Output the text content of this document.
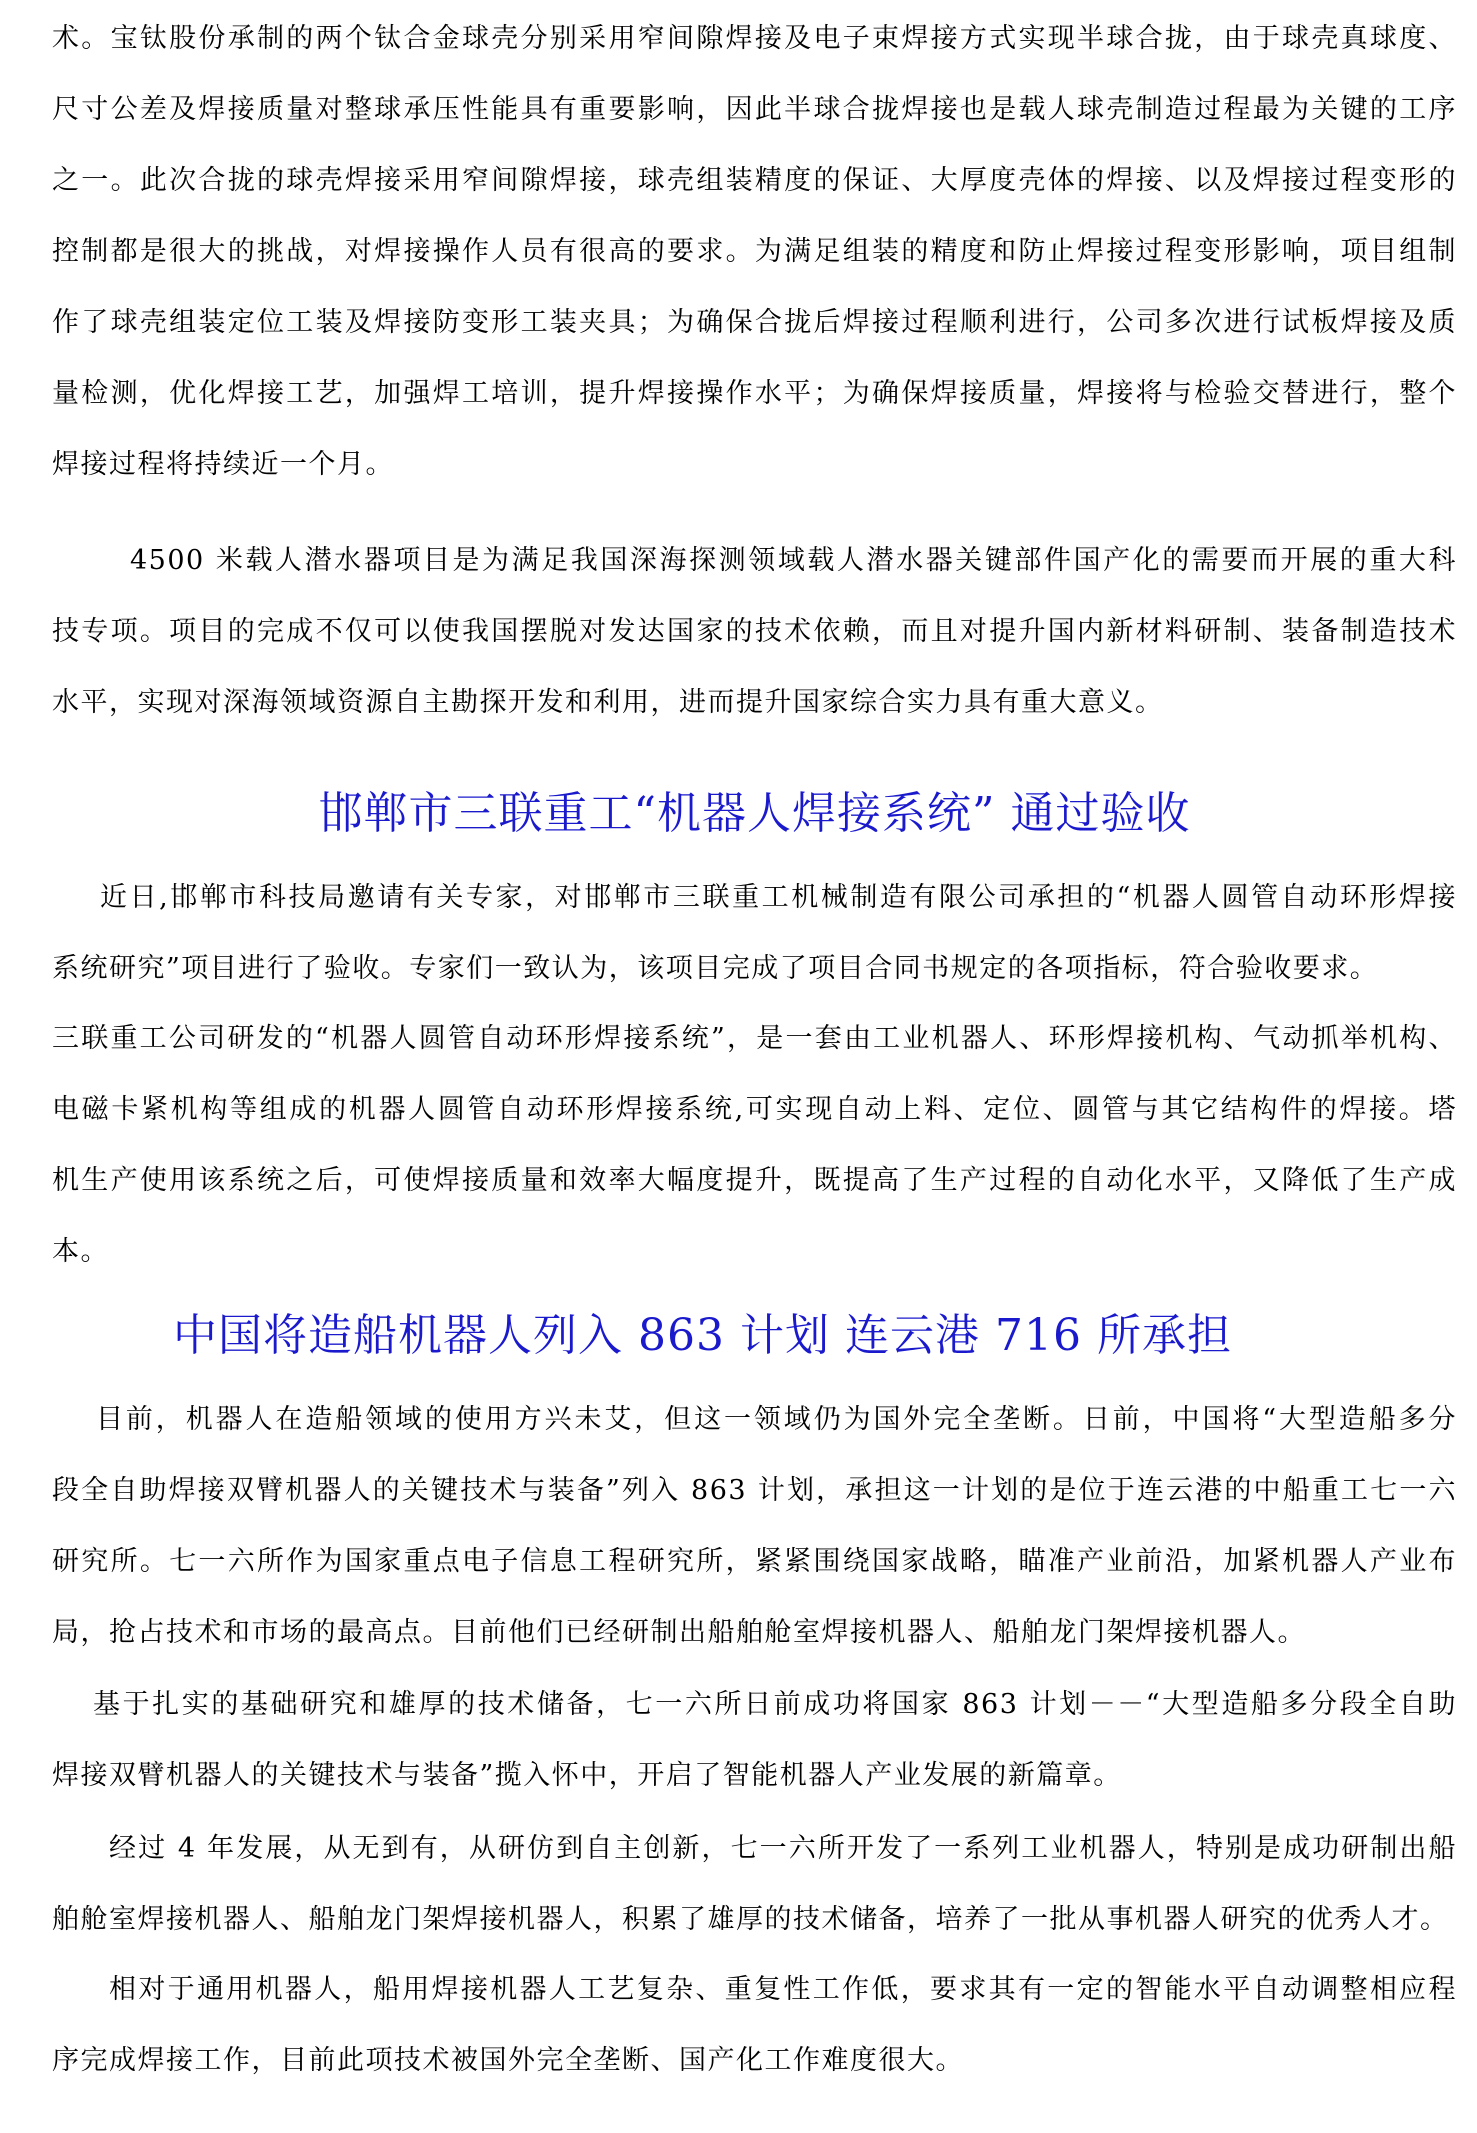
术。宝钛股份承制的两个钛合金球壳分别采用窄间隙焊接及电子束焊接方式实现半球合拢，由于球壳真球度、
尺寸公差及焊接质量对整球承压性能具有重要影响，因此半球合拢焊接也是载人球壳制造过程最为关键的工序
之一。此次合拢的球壳焊接采用窄间隙焊接，球壳组装精度的保证、大厚度壳体的焊接、以及焊接过程变形的
控制都是很大的挑战，对焊接操作人员有很高的要求。为满足组装的精度和防止焊接过程变形影响，项目组制
作了球壳组装定位工装及焊接防变形工装夹具；为确保合拢后焊接过程顺利进行，公司多次进行试板焊接及质
量检测，优化焊接工艺，加强焊工培训，提升焊接操作水平；为确保焊接质量，焊接将与检验交替进行，整个
焊接过程将持续近一个月。
4500 米载人潜水器项目是为满足我国深海探测领域载人潜水器关键部件国产化的需要而开展的重大科
技专项。项目的完成不仅可以使我国摆脱对发达国家的技术依赖，而且对提升国内新材料研制、装备制造技术
水平，实现对深海领域资源自主勘探开发和利用，进而提升国家综合实力具有重大意义。
邯郸市三联重工“机器人焊接系统” 通过验收
近日,邯郸市科技局邀请有关专家，对邯郸市三联重工机械制造有限公司承担的“机器人圆管自动环形焊接
系统研究”项目进行了验收。专家们一致认为，该项目完成了项目合同书规定的各项指标，符合验收要求。
三联重工公司研发的“机器人圆管自动环形焊接系统”，是一套由工业机器人、环形焊接机构、气动抓举机构、
电磁卡紧机构等组成的机器人圆管自动环形焊接系统,可实现自动上料、定位、圆管与其它结构件的焊接。塔
机生产使用该系统之后，可使焊接质量和效率大幅度提升，既提高了生产过程的自动化水平，又降低了生产成
本。
中国将造船机器人列入 863 计划 连云港 716 所承担
目前，机器人在造船领域的使用方兴未艾，但这一领域仍为国外完全垄断。日前，中国将“大型造船多分
段全自助焊接双臂机器人的关键技术与装备”列入 863 计划，承担这一计划的是位于连云港的中船重工七一六
研究所。七一六所作为国家重点电子信息工程研究所，紧紧围绕国家战略，瞄准产业前沿，加紧机器人产业布
局，抢占技术和市场的最高点。目前他们已经研制出船舶舱室焊接机器人、船舶龙门架焊接机器人。
基于扎实的基础研究和雄厚的技术储备，七一六所日前成功将国家 863 计划－－“大型造船多分段全自助
焊接双臂机器人的关键技术与装备”揽入怀中，开启了智能机器人产业发展的新篇章。
经过 4 年发展，从无到有，从研仿到自主创新，七一六所开发了一系列工业机器人，特别是成功研制出船
舶舱室焊接机器人、船舶龙门架焊接机器人，积累了雄厚的技术储备，培养了一批从事机器人研究的优秀人才。
相对于通用机器人，船用焊接机器人工艺复杂、重复性工作低，要求其有一定的智能水平自动调整相应程
序完成焊接工作，目前此项技术被国外完全垄断、国产化工作难度很大。
